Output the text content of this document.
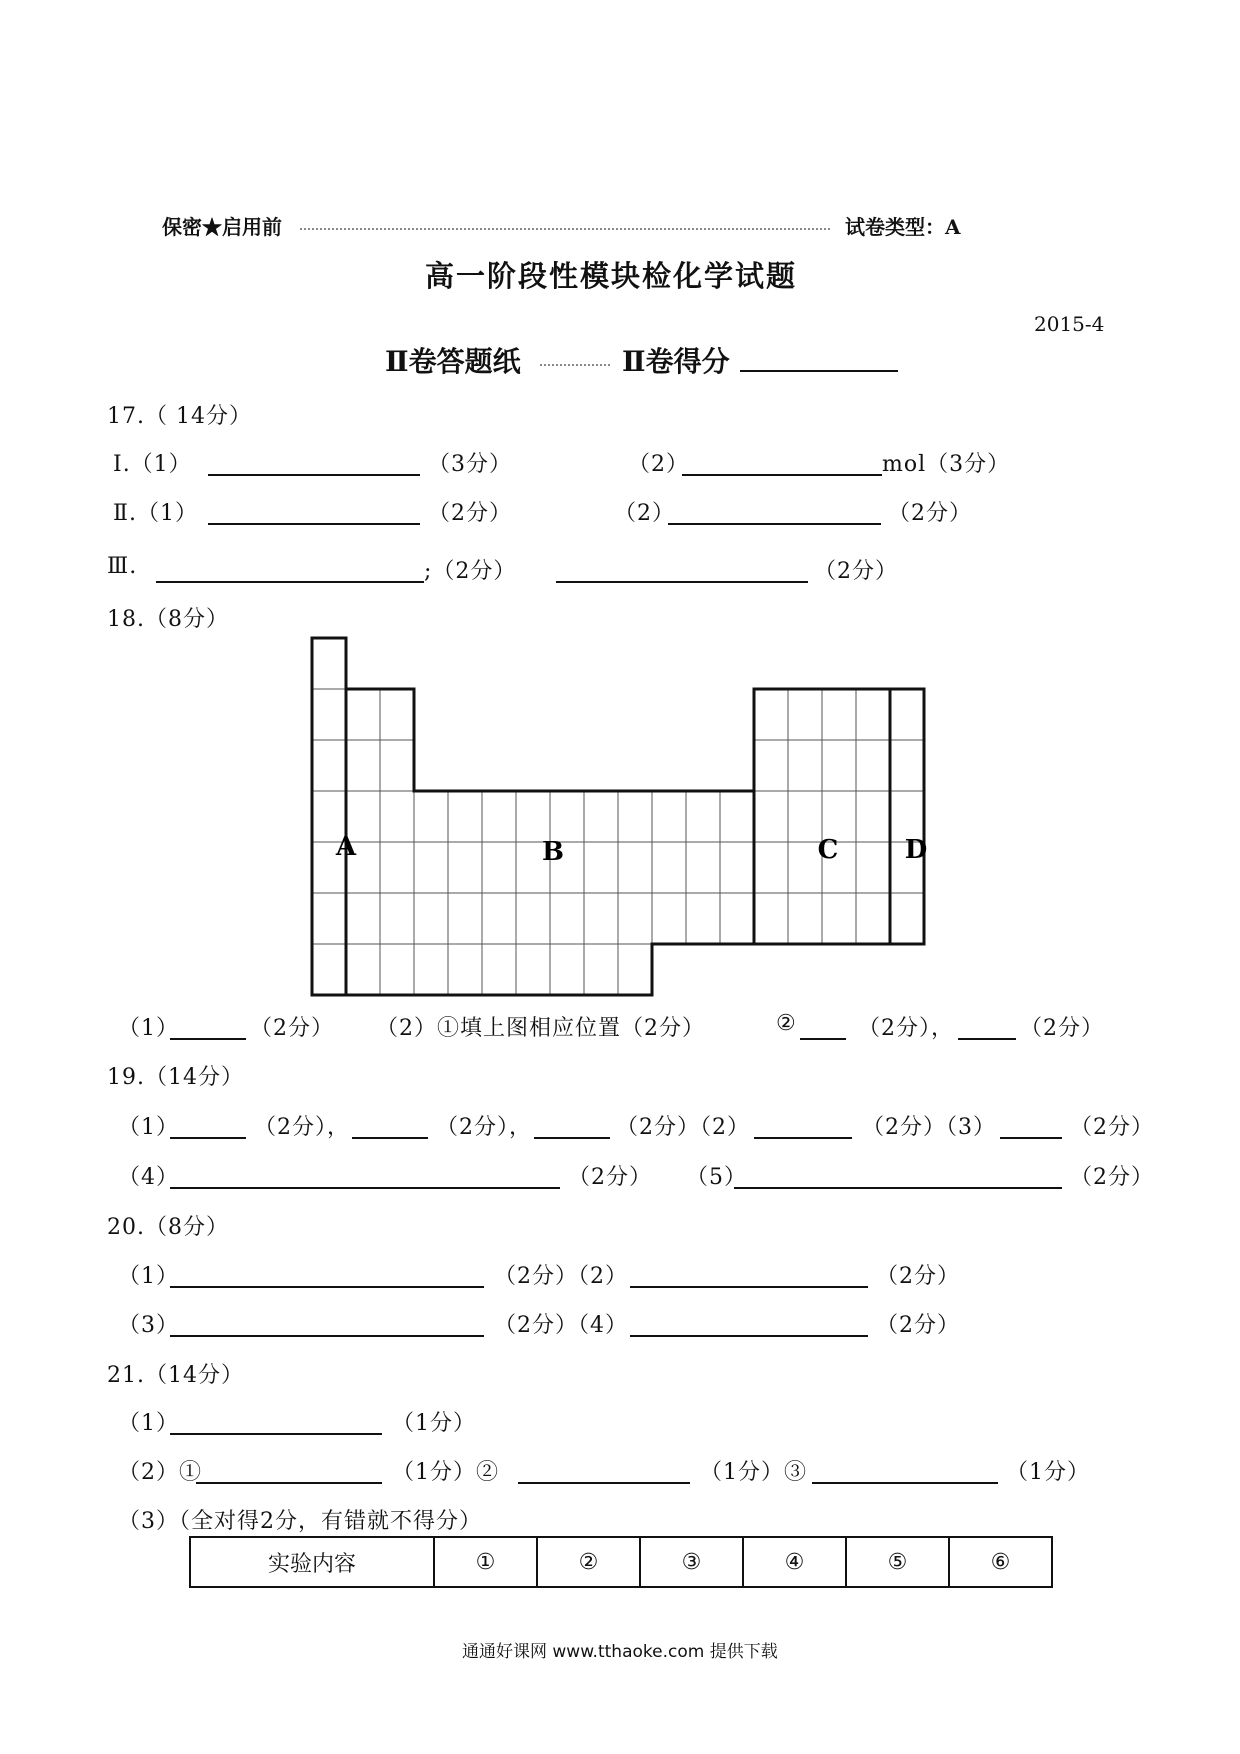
保密★启用前	试卷类型：A
高一阶段性模块检化学试题
2015-4
Ⅱ卷答题纸	Ⅱ卷得分
17.（ 14分）
Ⅰ.（1）	（3分）	（2）	mol（3分）
Ⅱ.（1）	（2分）	（2）	（2分）
Ⅲ.	;（2分）	（2分）
18.（8分）
A	B	C	D
（1）	（2分） （2）①填上图相应位置（2分）	②	（2分），	（2分）
19.（14分）
（1）	（2分），	（2分），	（2分）（2）	（2分）（3）	（2分）
（4）	（2分） （5）	（2分）
20.（8分）
（1）	（2分）（2）	（2分）
（3）	（2分）（4）	（2分）
21.（14分）
（1）	（1分）
（2）①	（1分）②	（1分）③	（1分）
（3）（全对得2分，有错就不得分）
实验内容	①	②	③	④	⑤	⑥
通通好课网 www.tthaoke.com 提供下载
